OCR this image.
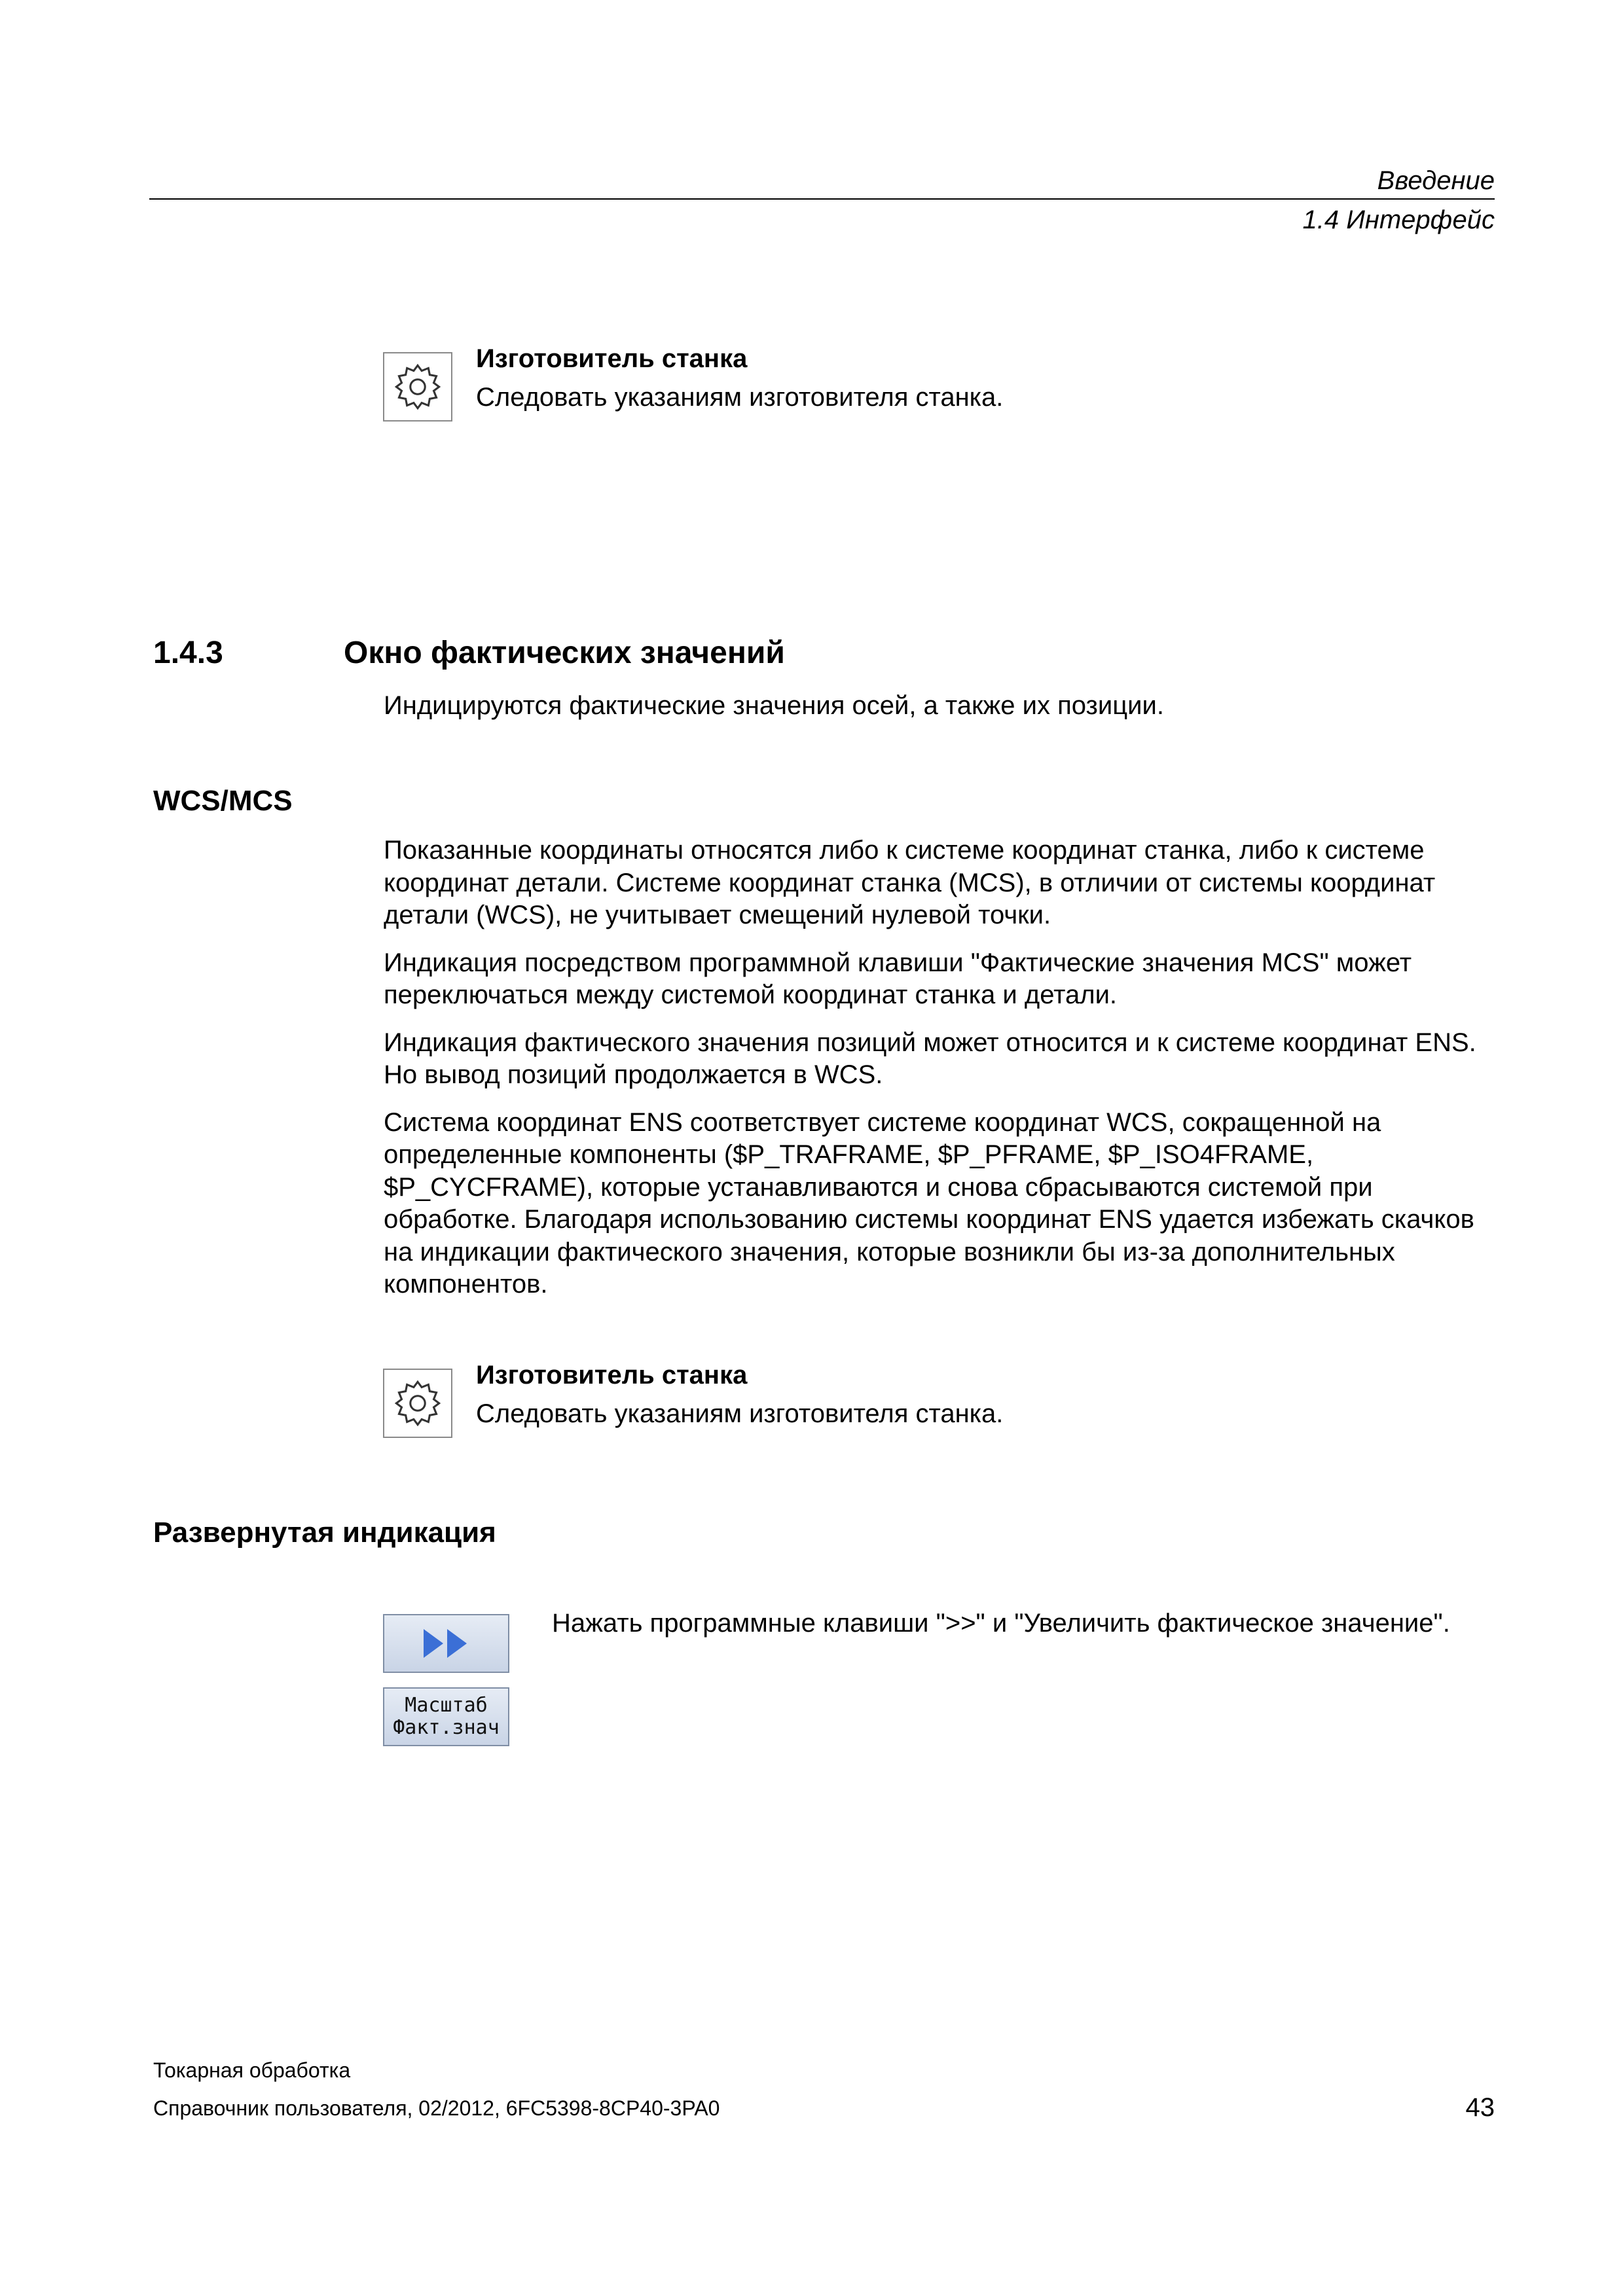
Введение
1.4 Интерфейс
Изготовитель станка
Следовать указаниям изготовителя станка.
1.4.3	Окно фактических значений
Индицируются фактические значения осей, а также их позиции.
WCS/MCS

Показанные координаты относятся либо к системе координат станка, либо к системе координат детали. Системе координат станка (MCS), в отличии от системы координат детали (WCS), не учитывает смещений нулевой точки.

Индикация посредством программной клавиши "Фактические значения MCS" может переключаться между системой координат станка и детали.

Индикация фактического значения позиций может относится и к системе координат ENS. Но вывод позиций продолжается в WCS.

Система координат ENS соответствует системе координат WCS, сокращенной на определенные компоненты ($P_TRAFRAME, $P_PFRAME, $P_ISO4FRAME, $P_CYCFRAME), которые устанавливаются и снова сбрасываются системой при обработке. Благодаря использованию системы координат ENS удается избежать скачков на индикации фактического значения, которые возникли бы из-за дополнительных компонентов.

Изготовитель станка
Следовать указаниям изготовителя станка.
Развернутая индикация
Нажать программные клавиши ">>" и "Увеличить фактическое значение".
Масштаб
Факт.знач
Токарная обработка
Справочник пользователя, 02/2012, 6FC5398-8CP40-3PA0	43
